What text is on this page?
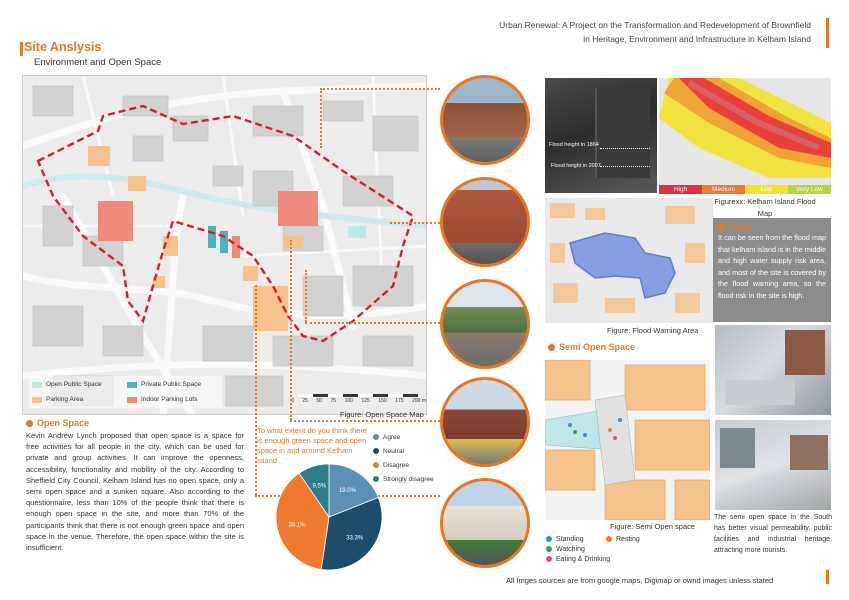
Urban Renewal: A Project on the Transformation and Redevelopment of Brownfield
in Heritage, Environment and Infrastructure in Kelham Island
Site Anslysis
Environment and Open Space
0 25 50 75 100 125 150 175 200 m
Open Public Space	Private Public Space
Parking Area	Indoor Parking Lots
Figure: Open Space Map
Open Space
Kevin Andrew Lynch proposed that open space is a space for free activities for all people in the city, which can be used for private and group activities. It can improve the openness, accessibility, functionality and mobility of the city. According to Sheffield City Council, Kelham Island has no open space, only a semi open space and a sunken square. Also according to the questionnaire, less than 10% of the people think that there is enough open space in the site, and more than 70% of the participants think that there is not enough green space and open space in the venue. Therefore, the open space within the site is insufficient.
To what extent do you think there is enough green space and open space in and around Kelham Island
Agree
Neutral
Disagree
Strongly disagree
19.0%
33.3%
38.1%
9.5%
Flood height in 1864
Flood height in 2007
High	Medium	Low	Very Low
Figurexx: Kelham Island Flood Map
Figure: Flood Warning Area
Flood
It can be seen from the flood map that kelham island is in the middle and high water supply risk area, and most of the site is covered by the flood warning area, so the flood risk in the site is high.
Semi Open Space
Figure: Semi Open space
Standing	Resting
Watching
Eating & Drinking
The semi open space in the South has better visual permeability, public facilities and industrial heritage, attracting more tourists.
All Imges sources are from google maps, Digimap or ownd images unless stated
